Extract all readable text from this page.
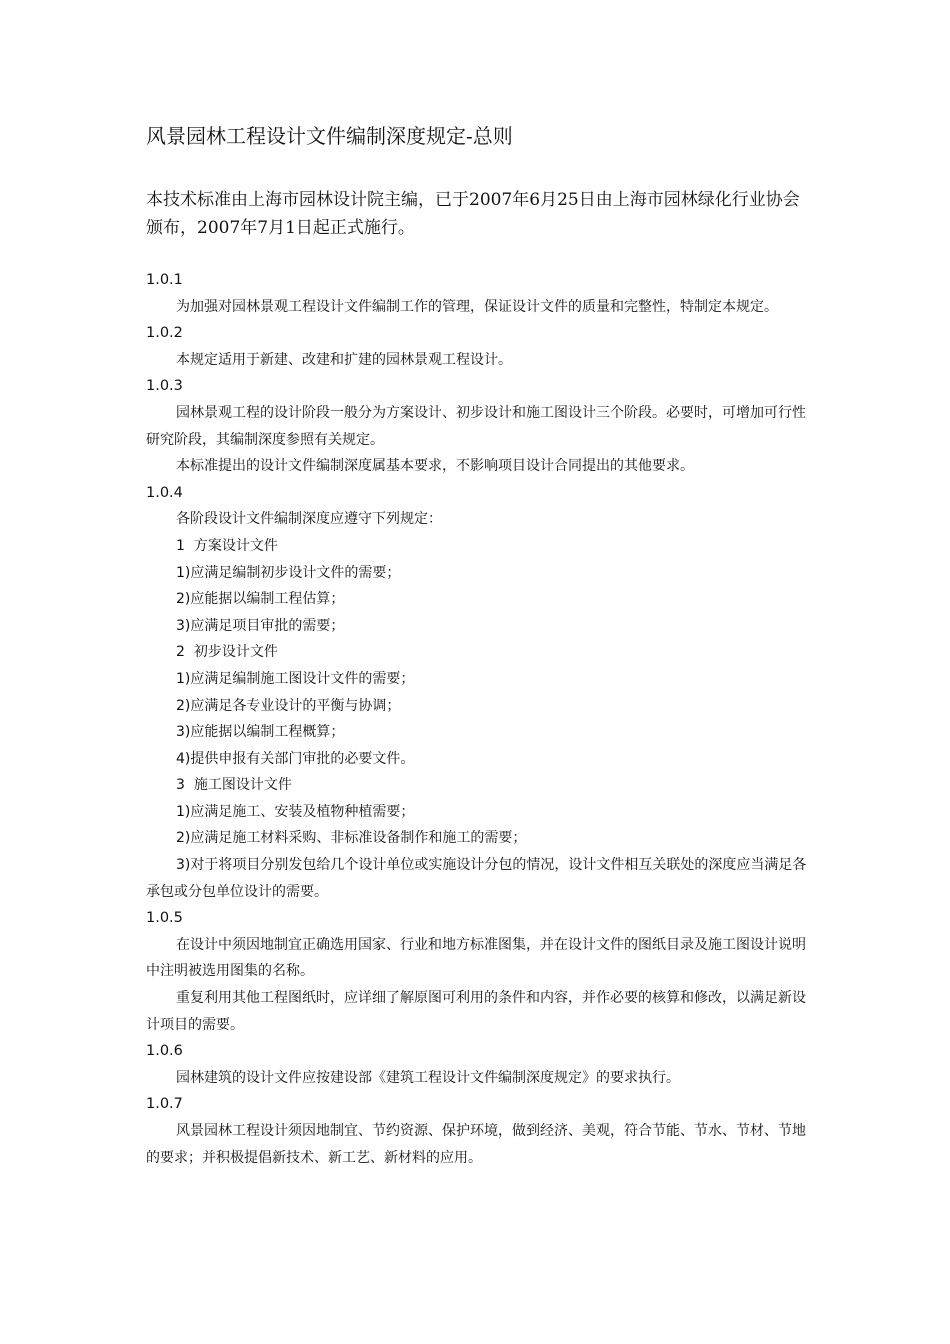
风景园林工程设计文件编制深度规定-总则

本技术标准由上海市园林设计院主编，已于2007年6月25日由上海市园林绿化行业协会颁布，2007年7月1日起正式施行。

1.0.1

为加强对园林景观工程设计文件编制工作的管理，保证设计文件的质量和完整性，特制定本规定。

1.0.2

本规定适用于新建、改建和扩建的园林景观工程设计。

1.0.3

园林景观工程的设计阶段一般分为方案设计、初步设计和施工图设计三个阶段。必要时，可增加可行性研究阶段，其编制深度参照有关规定。

本标准提出的设计文件编制深度属基本要求，不影响项目设计合同提出的其他要求。

1.0.4

各阶段设计文件编制深度应遵守下列规定：

1 方案设计文件

1)应满足编制初步设计文件的需要；

2)应能据以编制工程估算；

3)应满足项目审批的需要；

2 初步设计文件

1)应满足编制施工图设计文件的需要；

2)应满足各专业设计的平衡与协调；

3)应能据以编制工程概算；

4)提供申报有关部门审批的必要文件。

3 施工图设计文件

1)应满足施工、安装及植物种植需要；

2)应满足施工材料采购、非标准设备制作和施工的需要；

3)对于将项目分别发包给几个设计单位或实施设计分包的情况，设计文件相互关联处的深度应当满足各承包或分包单位设计的需要。

1.0.5

在设计中须因地制宜正确选用国家、行业和地方标准图集，并在设计文件的图纸目录及施工图设计说明中注明被选用图集的名称。

重复利用其他工程图纸时，应详细了解原图可利用的条件和内容，并作必要的核算和修改，以满足新设计项目的需要。

1.0.6

园林建筑的设计文件应按建设部《建筑工程设计文件编制深度规定》的要求执行。

1.0.7

风景园林工程设计须因地制宜、节约资源、保护环境，做到经济、美观，符合节能、节水、节材、节地的要求；并积极提倡新技术、新工艺、新材料的应用。
